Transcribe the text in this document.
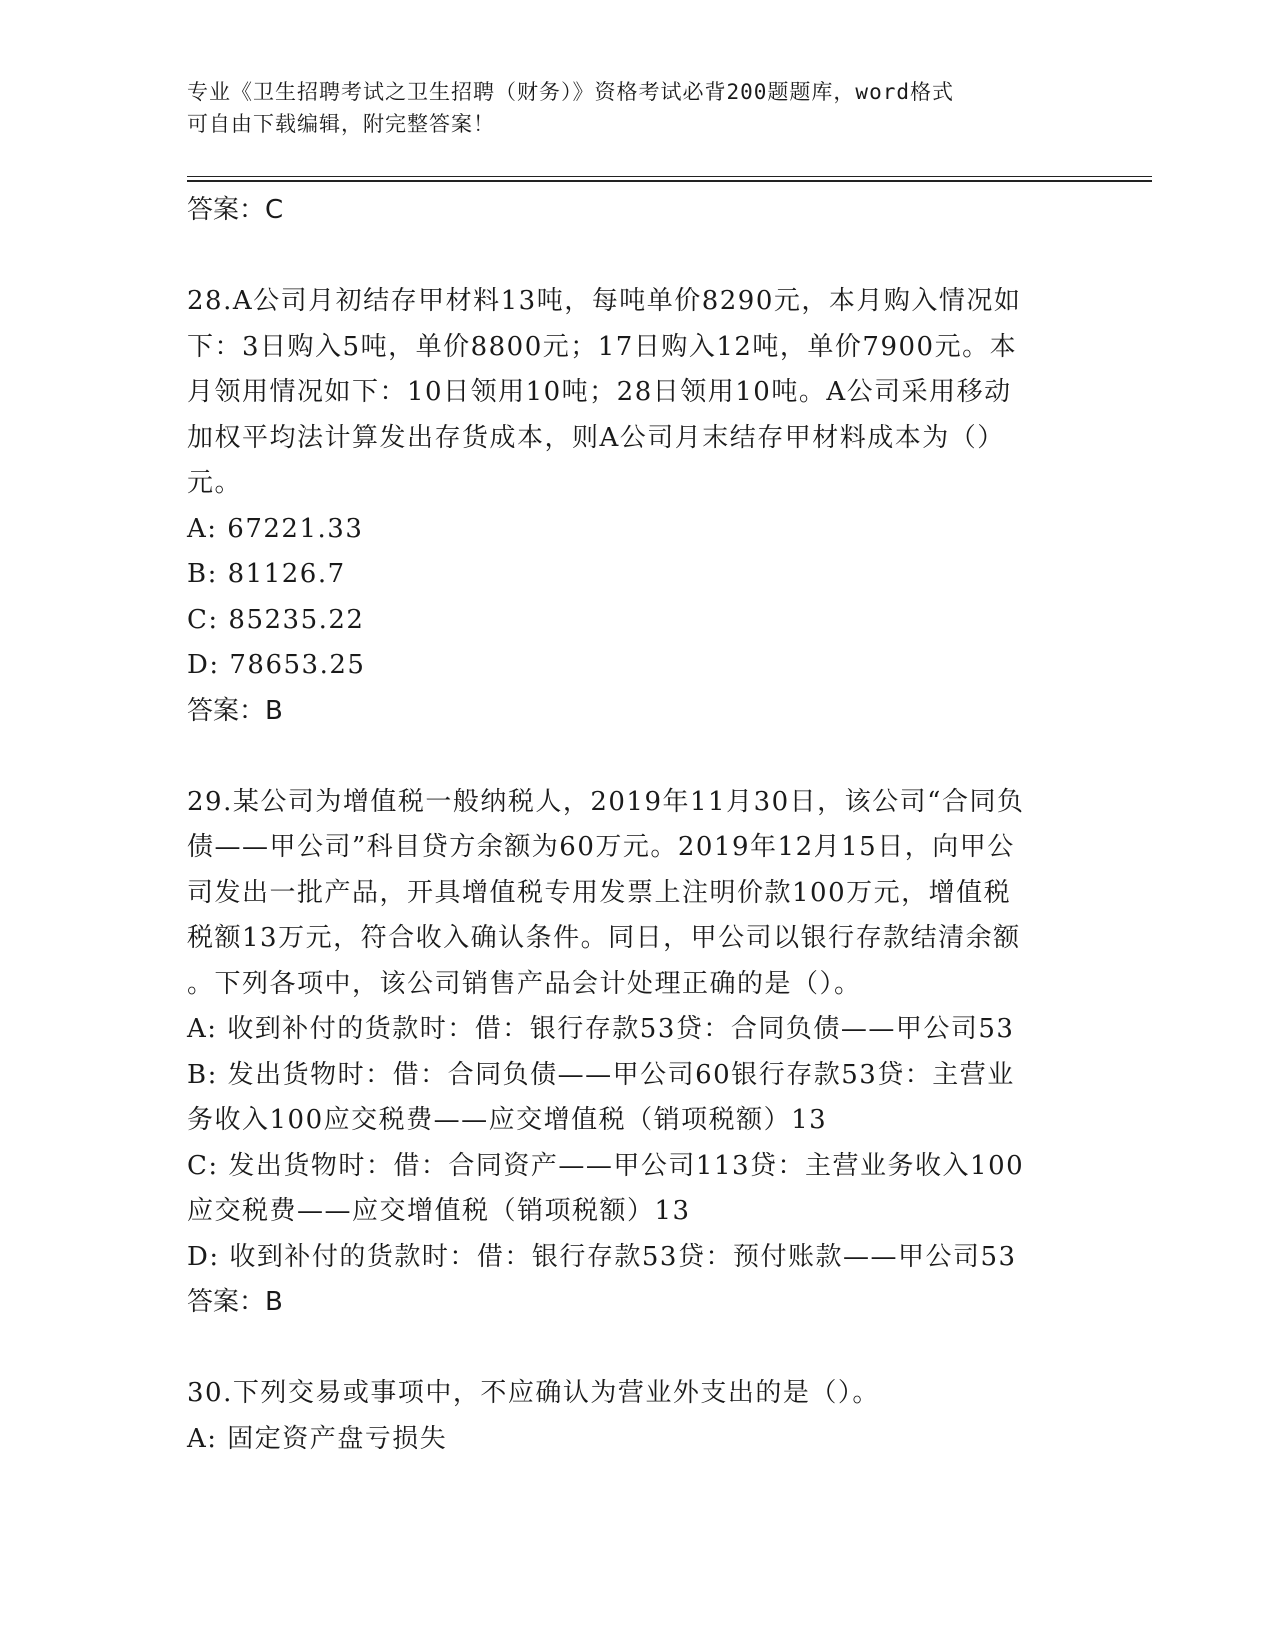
专业《卫生招聘考试之卫生招聘（财务）》资格考试必背200题题库，word格式

可自由下载编辑，附完整答案！

答案：C

28.A公司月初结存甲材料13吨，每吨单价8290元，本月购入情况如

下：3日购入5吨，单价8800元；17日购入12吨，单价7900元。本

月领用情况如下：10日领用10吨；28日领用10吨。A公司采用移动

加权平均法计算发出存货成本，则A公司月末结存甲材料成本为（）

元。

A: 67221.33

B: 81126.7

C: 85235.22

D: 78653.25

答案：B

29.某公司为增值税一般纳税人，2019年11月30日，该公司“合同负

债——甲公司”科目贷方余额为60万元。2019年12月15日，向甲公

司发出一批产品，开具增值税专用发票上注明价款100万元，增值税

税额13万元，符合收入确认条件。同日，甲公司以银行存款结清余额

。下列各项中，该公司销售产品会计处理正确的是（）。

A: 收到补付的货款时：借：银行存款53贷：合同负债——甲公司53

B: 发出货物时：借：合同负债——甲公司60银行存款53贷：主营业

务收入100应交税费——应交增值税（销项税额）13

C: 发出货物时：借：合同资产——甲公司113贷：主营业务收入100

应交税费——应交增值税（销项税额）13

D: 收到补付的货款时：借：银行存款53贷：预付账款——甲公司53

答案：B

30.下列交易或事项中，不应确认为营业外支出的是（）。

A: 固定资产盘亏损失
